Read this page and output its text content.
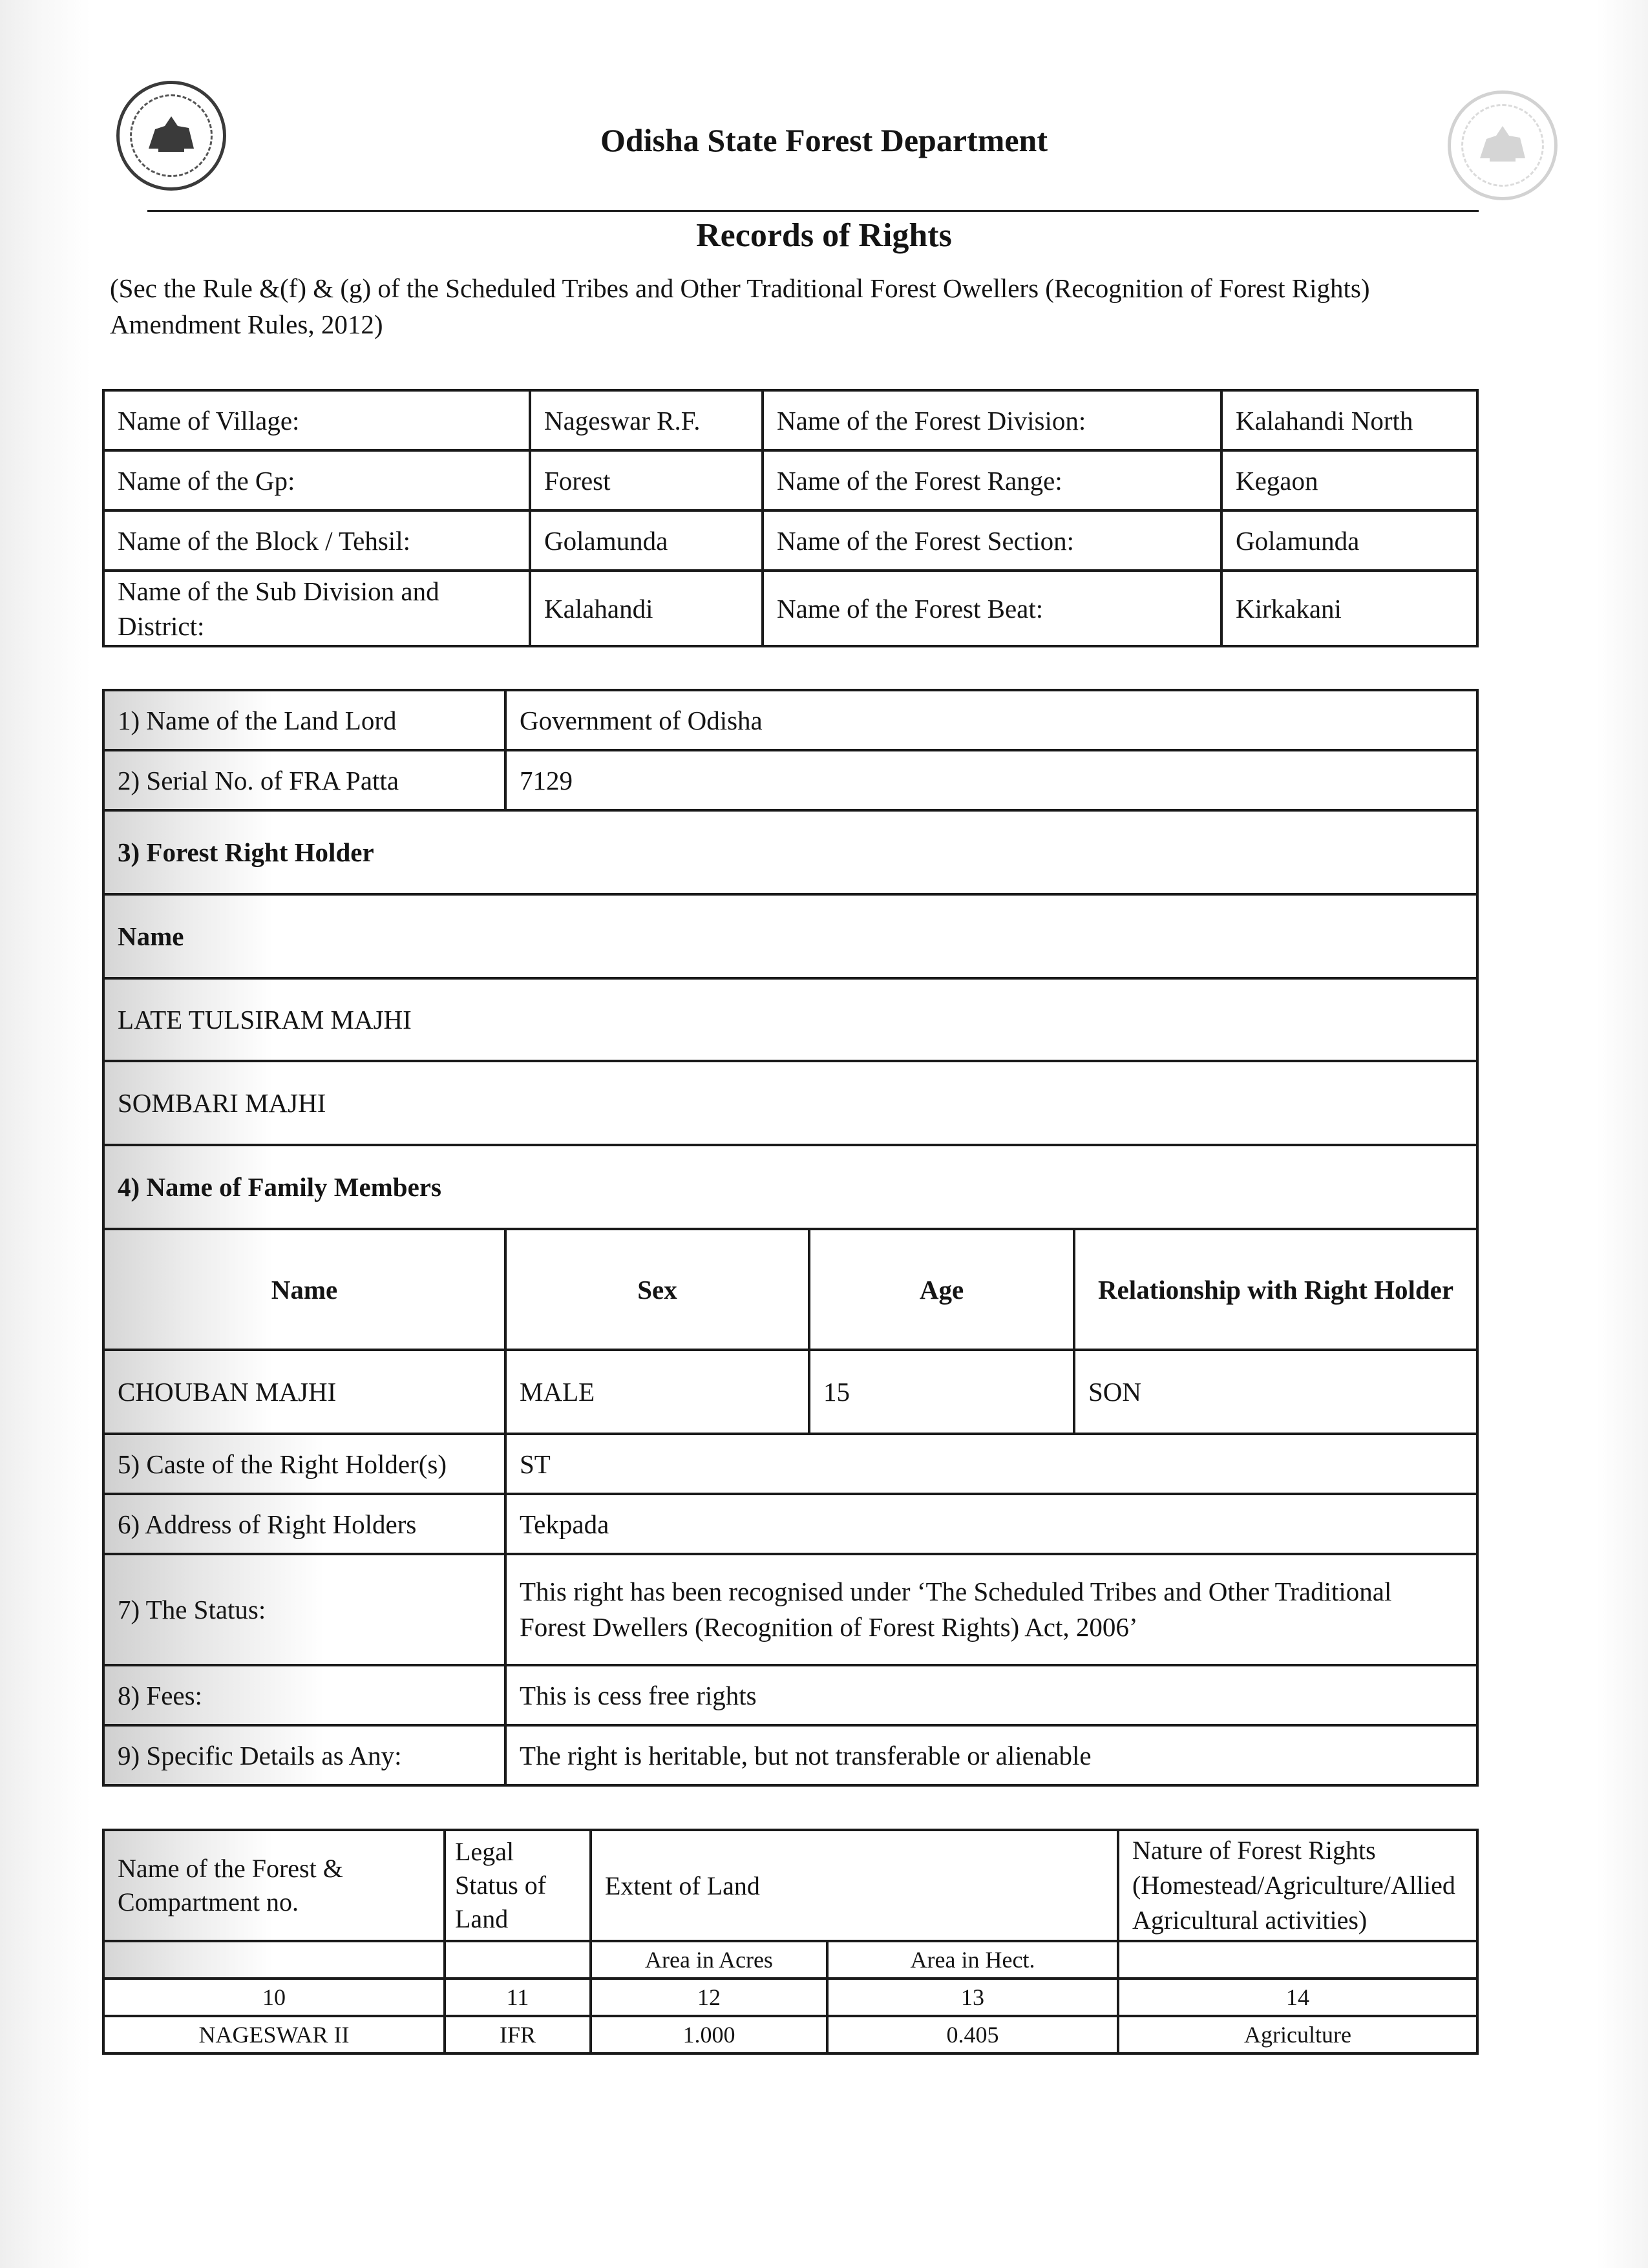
Odisha State Forest Department
Records of Rights
(Sec the Rule &(f) & (g) of the Scheduled Tribes and Other Traditional Forest Owellers (Recognition of Forest Rights) Amendment Rules, 2012)
Name of Village:	Nageswar R.F.	Name of the Forest Division:	Kalahandi North
Name of the Gp:	Forest	Name of the Forest Range:	Kegaon
Name of the Block / Tehsil:	Golamunda	Name of the Forest Section:	Golamunda
Name of the Sub Division and District:	Kalahandi	Name of the Forest Beat:	Kirkakani
1) Name of the Land Lord	Government of Odisha		
2) Serial No. of FRA Patta	7129		
3) Forest Right Holder			
Name			
LATE TULSIRAM MAJHI			
SOMBARI MAJHI			
4) Name of Family Members			
Name	Sex	Age	Relationship with Right Holder
CHOUBAN MAJHI	MALE	15	SON
5) Caste of the Right Holder(s)	ST		
6) Address of Right Holders	Tekpada		
7) The Status:	This right has been recognised under ‘The Scheduled Tribes and Other Traditional
Forest Dwellers (Recognition of Forest Rights) Act, 2006’		

8) Fees:	This is cess free rights		
9) Specific Details as Any:	The right is heritable, but not transferable or alienable		
Name of the Forest & Compartment no.	Legal Status of Land	Extent of Land		Nature of Forest Rights (Homestead/Agriculture/Allied Agricultural activities)
		Area in Acres	Area in Hect.	
10	11	12	13	14
NAGESWAR II	IFR	1.000	0.405	Agriculture
